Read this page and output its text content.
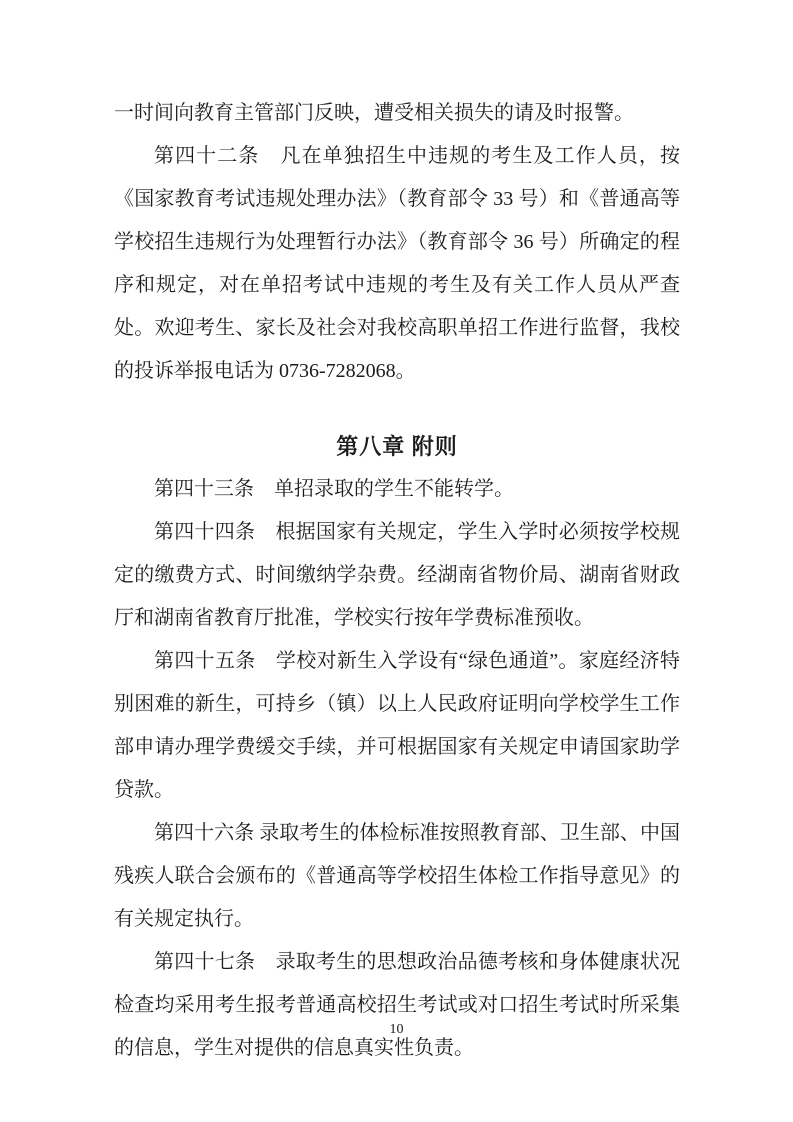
一时间向教育主管部门反映，遭受相关损失的请及时报警。

第四十二条　凡在单独招生中违规的考生及工作人员，按《国家教育考试违规处理办法》（教育部令 33 号）和《普通高等学校招生违规行为处理暂行办法》（教育部令 36 号）所确定的程序和规定，对在单招考试中违规的考生及有关工作人员从严查处。欢迎考生、家长及社会对我校高职单招工作进行监督，我校的投诉举报电话为 0736-7282068。

第八章 附则

第四十三条　单招录取的学生不能转学。

第四十四条　根据国家有关规定，学生入学时必须按学校规定的缴费方式、时间缴纳学杂费。经湖南省物价局、湖南省财政厅和湖南省教育厅批准，学校实行按年学费标准预收。

第四十五条　学校对新生入学设有“绿色通道”。家庭经济特别困难的新生，可持乡（镇）以上人民政府证明向学校学生工作部申请办理学费缓交手续，并可根据国家有关规定申请国家助学贷款。

第四十六条 录取考生的体检标准按照教育部、卫生部、中国残疾人联合会颁布的《普通高等学校招生体检工作指导意见》的有关规定执行。

第四十七条　录取考生的思想政治品德考核和身体健康状况检查均采用考生报考普通高校招生考试或对口招生考试时所采集的信息，学生对提供的信息真实性负责。

10
